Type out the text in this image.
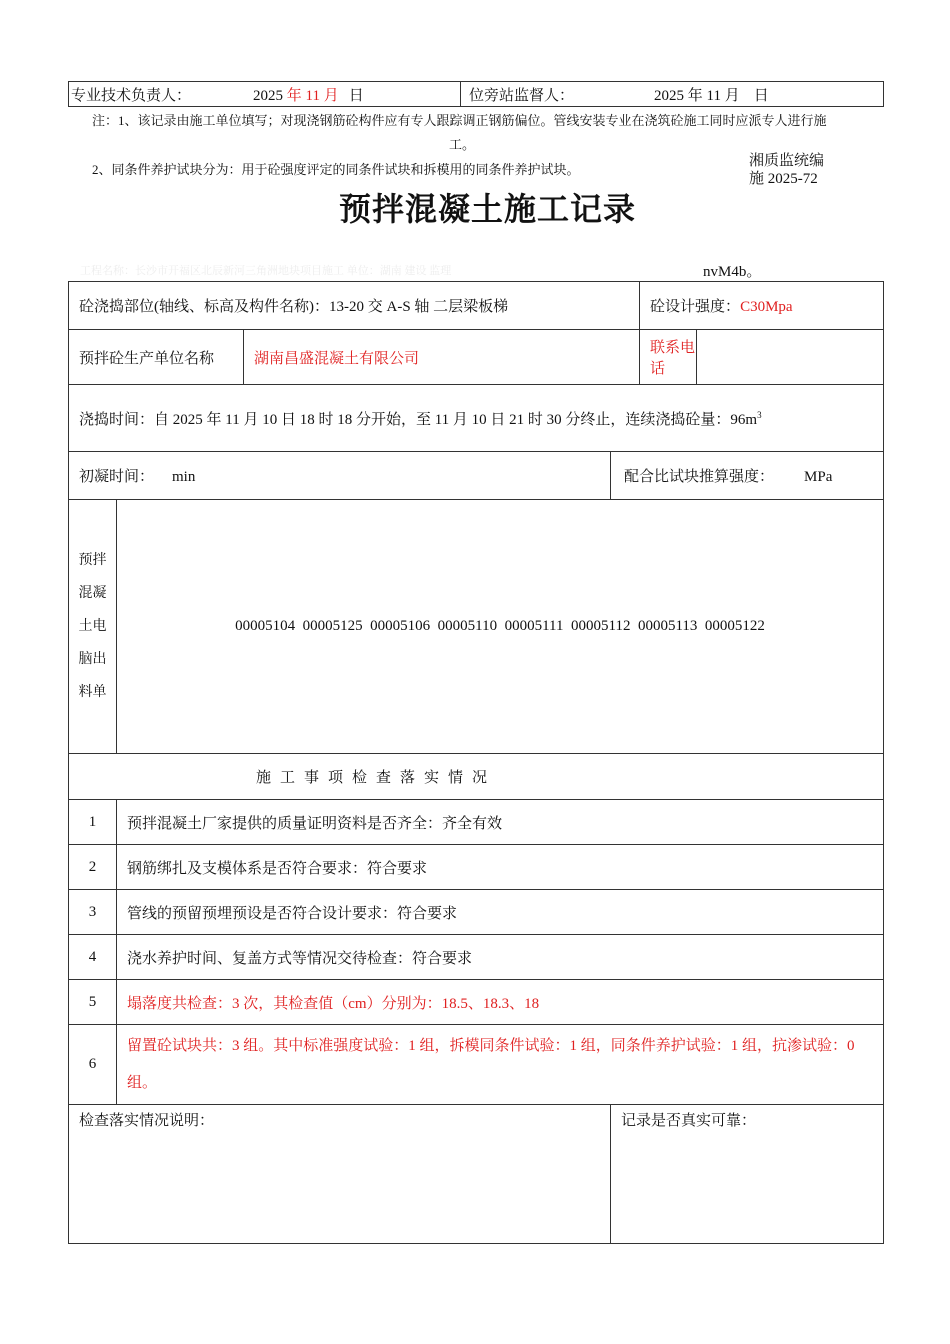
专业技术负责人：	2025 年 11 月 日	位旁站监督人：	2025 年 11 月 日
注：1、该记录由施工单位填写；对现浇钢筋砼构件应有专人跟踪调正钢筋偏位。管线安装专业在浇筑砼施工同时应派专人进行施
工。
2、同条件养护试块分为：用于砼强度评定的同条件试块和拆模用的同条件养护试块。
湘质监统编
施 2025-72
预拌混凝土施工记录
工程名称：长沙市开福区北辰新河三角洲地块项目施工 单位：湖南 建设 监理	nvM4b。
砼浇捣部位(轴线、标高及构件名称)：13-20 交 A-S 轴 二层梁板梯				砼设计强度：C30Mpa	
预拌砼生产单位名称		湖南昌盛混凝土有限公司		联系电话	
浇捣时间：自 2025 年 11 月 10 日 18 时 18 分开始，至 11 月 10 日 21 时 30 分终止，连续浇捣砼量：$96m^3$
初凝时间： min			配合比试块推算强度： MPa		

预拌
混凝
土电
脑出
料单	00005104  00005125  00005106  00005110  00005111  00005112  00005113  00005122				
施工事项检查落实情况					
1	预拌混凝土厂家提供的质量证明资料是否齐全：齐全有效				
2	钢筋绑扎及支模体系是否符合要求：符合要求				
3	管线的预留预埋预设是否符合设计要求：符合要求				
4	浇水养护时间、复盖方式等情况交待检查：符合要求				
5	塌落度共检查：3 次，其检查值（cm）分别为：18.5、18.3、18				
6	留置砼试块共：3 组。其中标准强度试验：1 组，拆模同条件试验：1 组，同条件养护试验：1 组，抗渗试验：0 组。				
检查落实情况说明：			记录是否真实可靠：		
